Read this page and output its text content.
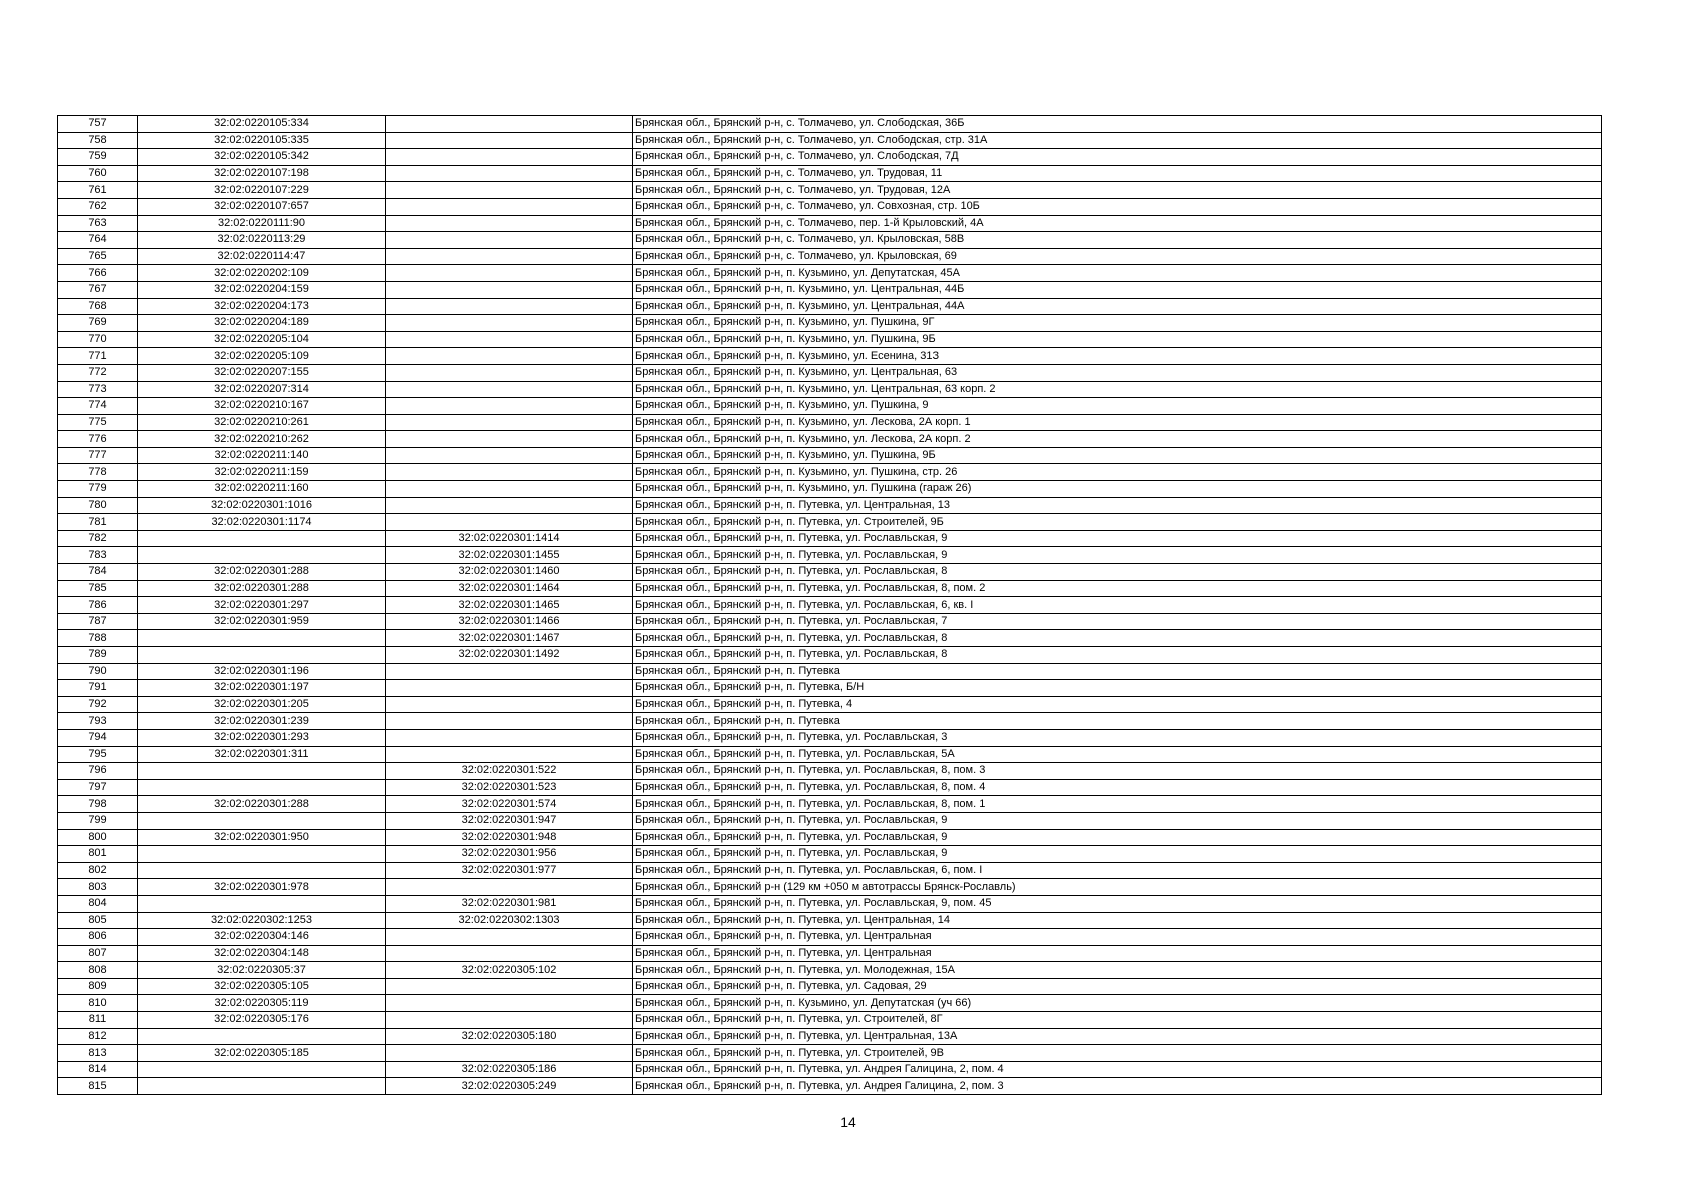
757	32:02:0220105:334		Брянская обл., Брянский р-н, с. Толмачево, ул. Слободская, 36Б
758	32:02:0220105:335		Брянская обл., Брянский р-н, с. Толмачево, ул. Слободская, стр. 31А
759	32:02:0220105:342		Брянская обл., Брянский р-н, с. Толмачево, ул. Слободская, 7Д
760	32:02:0220107:198		Брянская обл., Брянский р-н, с. Толмачево, ул. Трудовая, 11
761	32:02:0220107:229		Брянская обл., Брянский р-н, с. Толмачево, ул. Трудовая, 12А
762	32:02:0220107:657		Брянская обл., Брянский р-н, с. Толмачево, ул. Совхозная, стр. 10Б
763	32:02:0220111:90		Брянская обл., Брянский р-н, с. Толмачево, пер. 1-й Крыловский, 4А
764	32:02:0220113:29		Брянская обл., Брянский р-н, с. Толмачево, ул. Крыловская, 58В
765	32:02:0220114:47		Брянская обл., Брянский р-н, с. Толмачево, ул. Крыловская, 69
766	32:02:0220202:109		Брянская обл., Брянский р-н, п. Кузьмино, ул. Депутатская, 45А
767	32:02:0220204:159		Брянская обл., Брянский р-н, п. Кузьмино, ул. Центральная, 44Б
768	32:02:0220204:173		Брянская обл., Брянский р-н, п. Кузьмино, ул. Центральная, 44А
769	32:02:0220204:189		Брянская обл., Брянский р-н, п. Кузьмино, ул. Пушкина, 9Г
770	32:02:0220205:104		Брянская обл., Брянский р-н, п. Кузьмино, ул. Пушкина, 9Б
771	32:02:0220205:109		Брянская обл., Брянский р-н, п. Кузьмино, ул. Есенина, 31З
772	32:02:0220207:155		Брянская обл., Брянский р-н, п. Кузьмино, ул. Центральная, 63
773	32:02:0220207:314		Брянская обл., Брянский р-н, п. Кузьмино, ул. Центральная, 63 корп. 2
774	32:02:0220210:167		Брянская обл., Брянский р-н, п. Кузьмино, ул. Пушкина, 9
775	32:02:0220210:261		Брянская обл., Брянский р-н, п. Кузьмино, ул. Лескова, 2А корп. 1
776	32:02:0220210:262		Брянская обл., Брянский р-н, п. Кузьмино, ул. Лескова, 2А корп. 2
777	32:02:0220211:140		Брянская обл., Брянский р-н, п. Кузьмино, ул. Пушкина, 9Б
778	32:02:0220211:159		Брянская обл., Брянский р-н, п. Кузьмино, ул. Пушкина, стр. 26
779	32:02:0220211:160		Брянская обл., Брянский р-н, п. Кузьмино, ул. Пушкина (гараж 26)
780	32:02:0220301:1016		Брянская обл., Брянский р-н, п. Путевка, ул. Центральная, 13
781	32:02:0220301:1174		Брянская обл., Брянский р-н, п. Путевка, ул. Строителей, 9Б
782		32:02:0220301:1414	Брянская обл., Брянский р-н, п. Путевка, ул. Рославльская, 9
783		32:02:0220301:1455	Брянская обл., Брянский р-н, п. Путевка, ул. Рославльская, 9
784	32:02:0220301:288	32:02:0220301:1460	Брянская обл., Брянский р-н, п. Путевка, ул. Рославльская, 8
785	32:02:0220301:288	32:02:0220301:1464	Брянская обл., Брянский р-н, п. Путевка, ул. Рославльская, 8, пом. 2
786	32:02:0220301:297	32:02:0220301:1465	Брянская обл., Брянский р-н, п. Путевка, ул. Рославльская, 6, кв. I
787	32:02:0220301:959	32:02:0220301:1466	Брянская обл., Брянский р-н, п. Путевка, ул. Рославльская, 7
788		32:02:0220301:1467	Брянская обл., Брянский р-н, п. Путевка, ул. Рославльская, 8
789		32:02:0220301:1492	Брянская обл., Брянский р-н, п. Путевка, ул. Рославльская, 8
790	32:02:0220301:196		Брянская обл., Брянский р-н, п. Путевка
791	32:02:0220301:197		Брянская обл., Брянский р-н, п. Путевка, Б/Н
792	32:02:0220301:205		Брянская обл., Брянский р-н, п. Путевка, 4
793	32:02:0220301:239		Брянская обл., Брянский р-н, п. Путевка
794	32:02:0220301:293		Брянская обл., Брянский р-н, п. Путевка, ул. Рославльская, 3
795	32:02:0220301:311		Брянская обл., Брянский р-н, п. Путевка, ул. Рославльская, 5А
796		32:02:0220301:522	Брянская обл., Брянский р-н, п. Путевка, ул. Рославльская, 8, пом. 3
797		32:02:0220301:523	Брянская обл., Брянский р-н, п. Путевка, ул. Рославльская, 8, пом. 4
798	32:02:0220301:288	32:02:0220301:574	Брянская обл., Брянский р-н, п. Путевка, ул. Рославльская, 8, пом. 1
799		32:02:0220301:947	Брянская обл., Брянский р-н, п. Путевка, ул. Рославльская, 9
800	32:02:0220301:950	32:02:0220301:948	Брянская обл., Брянский р-н, п. Путевка, ул. Рославльская, 9
801		32:02:0220301:956	Брянская обл., Брянский р-н, п. Путевка, ул. Рославльская, 9
802		32:02:0220301:977	Брянская обл., Брянский р-н, п. Путевка, ул. Рославльская, 6, пом. I
803	32:02:0220301:978		Брянская обл., Брянский р-н (129 км +050 м автотрассы Брянск-Рославль)
804		32:02:0220301:981	Брянская обл., Брянский р-н, п. Путевка, ул. Рославльская, 9, пом. 45
805	32:02:0220302:1253	32:02:0220302:1303	Брянская обл., Брянский р-н, п. Путевка, ул. Центральная, 14
806	32:02:0220304:146		Брянская обл., Брянский р-н, п. Путевка, ул. Центральная
807	32:02:0220304:148		Брянская обл., Брянский р-н, п. Путевка, ул. Центральная
808	32:02:0220305:37	32:02:0220305:102	Брянская обл., Брянский р-н, п. Путевка, ул. Молодежная, 15А
809	32:02:0220305:105		Брянская обл., Брянский р-н, п. Путевка, ул. Садовая, 29
810	32:02:0220305:119		Брянская обл., Брянский р-н, п. Кузьмино, ул. Депутатская (уч 66)
811	32:02:0220305:176		Брянская обл., Брянский р-н, п. Путевка, ул. Строителей, 8Г
812		32:02:0220305:180	Брянская обл., Брянский р-н, п. Путевка, ул. Центральная, 13А
813	32:02:0220305:185		Брянская обл., Брянский р-н, п. Путевка, ул. Строителей, 9В
814		32:02:0220305:186	Брянская обл., Брянский р-н, п. Путевка, ул. Андрея Галицина, 2, пом. 4
815		32:02:0220305:249	Брянская обл., Брянский р-н, п. Путевка, ул. Андрея Галицина, 2, пом. 3
14
